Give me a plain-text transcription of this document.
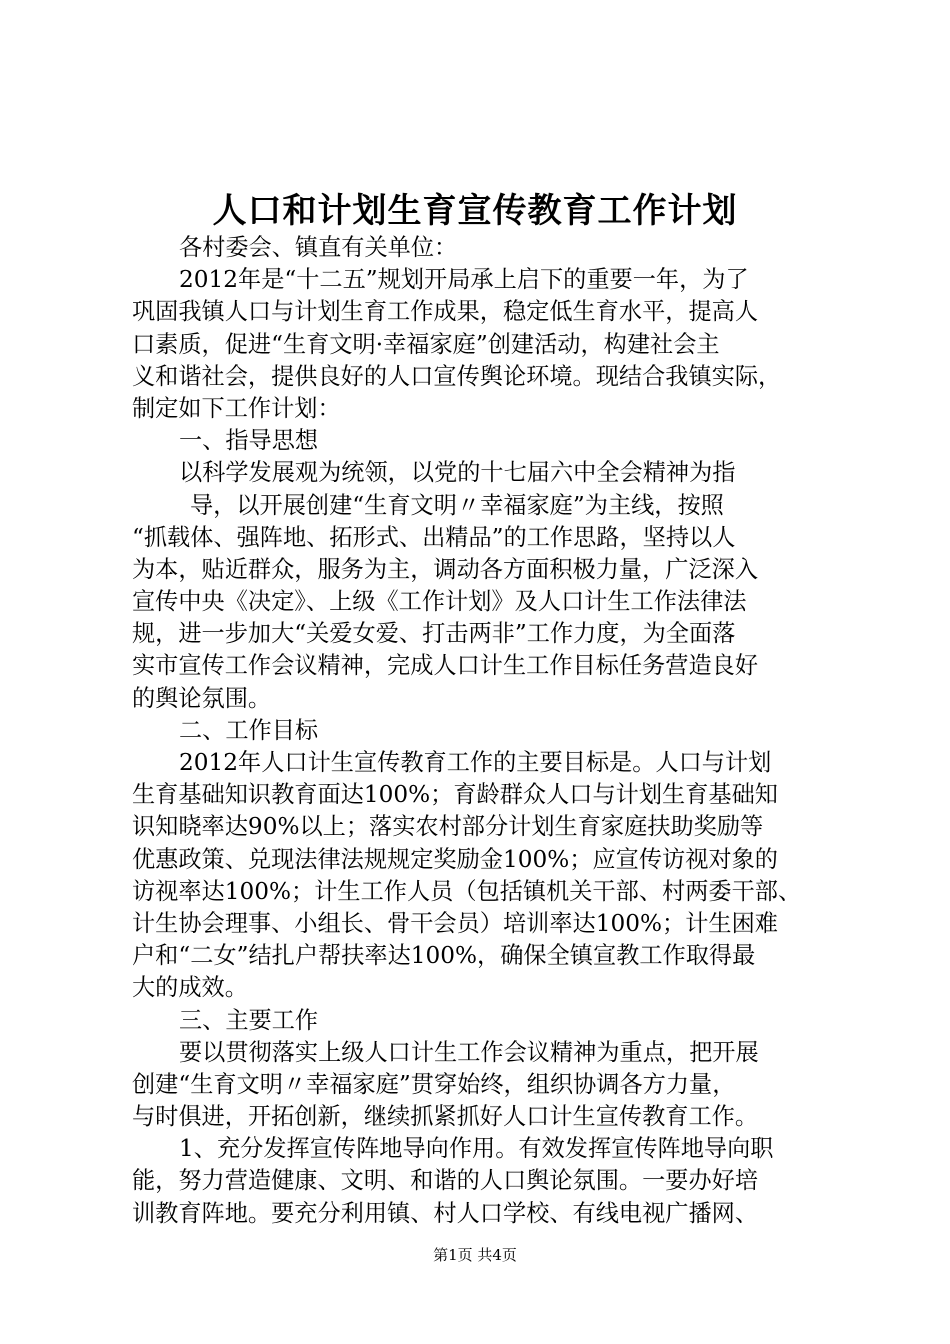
人口和计划生育宣传教育工作计划
各村委会、镇直有关单位：
2012年是“十二五”规划开局承上启下的重要一年，为了
巩固我镇人口与计划生育工作成果，稳定低生育水平，提高人
口素质，促进“生育文明·幸福家庭”创建活动，构建社会主
义和谐社会，提供良好的人口宣传舆论环境。现结合我镇实际，
制定如下工作计划：
一、指导思想
以科学发展观为统领，以党的十七届六中全会精神为指
导，以开展创建“生育文明〃幸福家庭”为主线，按照
“抓载体、强阵地、拓形式、出精品”的工作思路，坚持以人
为本，贴近群众，服务为主，调动各方面积极力量，广泛深入
宣传中央《决定》、上级《工作计划》及人口计生工作法律法
规，进一步加大“关爱女爱、打击两非”工作力度，为全面落
实市宣传工作会议精神，完成人口计生工作目标任务营造良好
的舆论氛围。
二、工作目标
2012年人口计生宣传教育工作的主要目标是。人口与计划
生育基础知识教育面达100%；育龄群众人口与计划生育基础知
识知晓率达90%以上；落实农村部分计划生育家庭扶助奖励等
优惠政策、兑现法律法规规定奖励金100%；应宣传访视对象的
访视率达100%；计生工作人员（包括镇机关干部、村两委干部、
计生协会理事、小组长、骨干会员）培训率达100%；计生困难
户和“二女”结扎户帮扶率达100%，确保全镇宣教工作取得最
大的成效。
三、主要工作
要以贯彻落实上级人口计生工作会议精神为重点，把开展
创建“生育文明〃幸福家庭”贯穿始终，组织协调各方力量，
与时俱进，开拓创新，继续抓紧抓好人口计生宣传教育工作。
1、充分发挥宣传阵地导向作用。有效发挥宣传阵地导向职
能，努力营造健康、文明、和谐的人口舆论氛围。一要办好培
训教育阵地。要充分利用镇、村人口学校、有线电视广播网、
第1页 共4页
